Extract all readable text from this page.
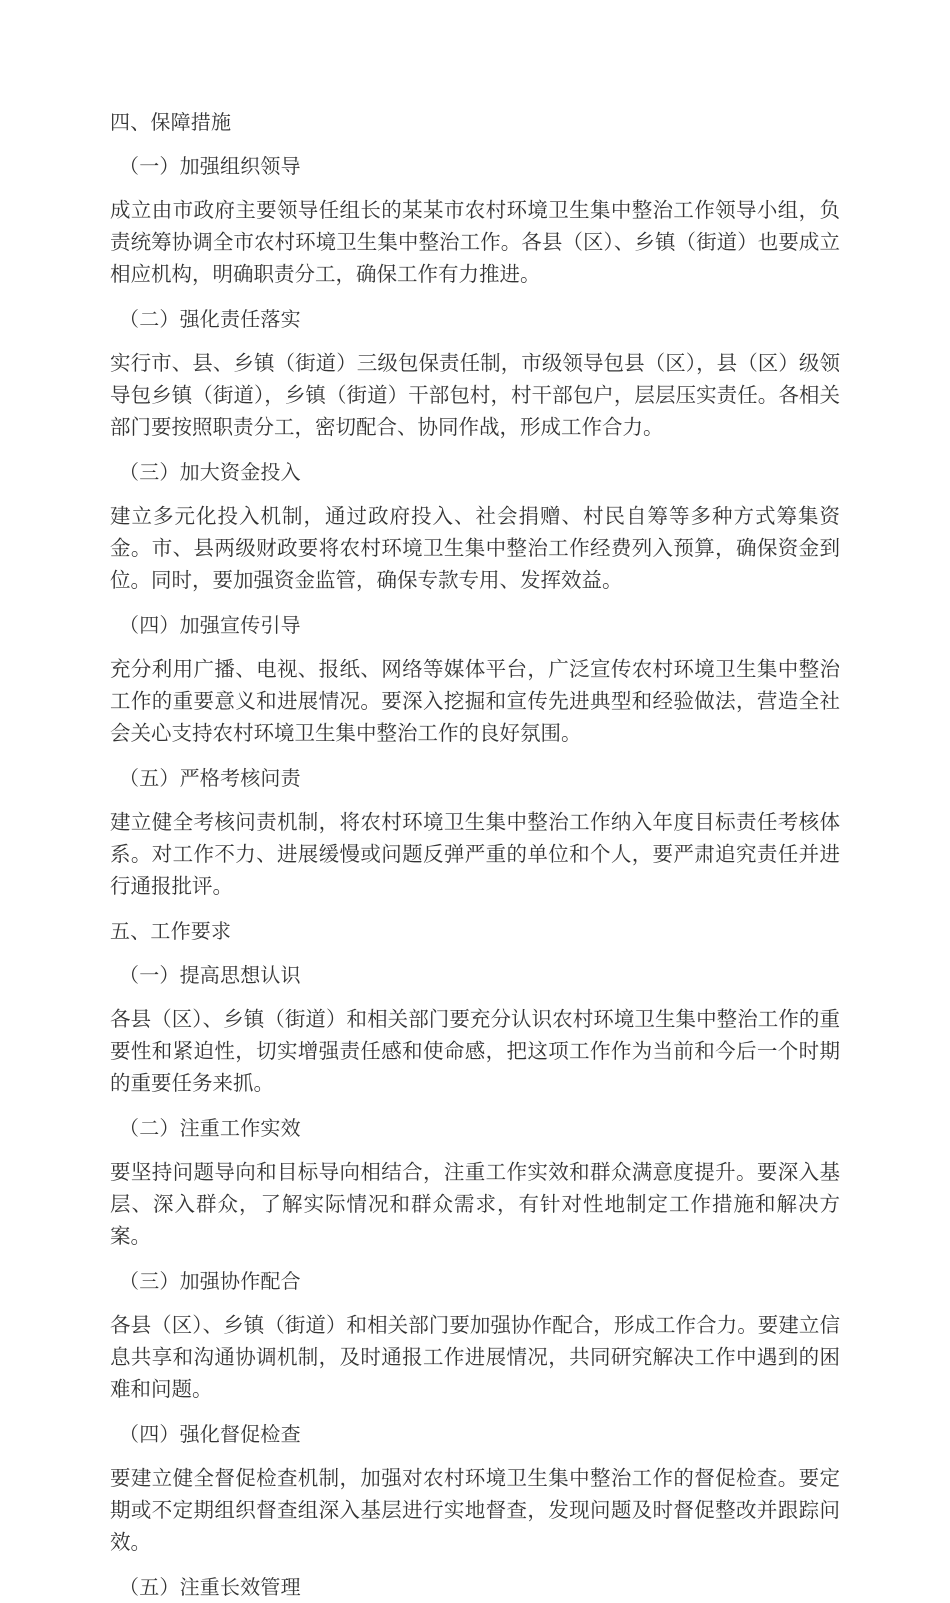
四、保障措施
（一）加强组织领导
成立由市政府主要领导任组长的某某市农村环境卫生集中整治工作领导小组，负责统筹协调全市农村环境卫生集中整治工作。各县（区）、乡镇（街道）也要成立相应机构，明确职责分工，确保工作有力推进。
（二）强化责任落实
实行市、县、乡镇（街道）三级包保责任制，市级领导包县（区），县（区）级领导包乡镇（街道），乡镇（街道）干部包村，村干部包户，层层压实责任。各相关部门要按照职责分工，密切配合、协同作战，形成工作合力。
（三）加大资金投入
建立多元化投入机制，通过政府投入、社会捐赠、村民自筹等多种方式筹集资金。市、县两级财政要将农村环境卫生集中整治工作经费列入预算，确保资金到位。同时，要加强资金监管，确保专款专用、发挥效益。
（四）加强宣传引导
充分利用广播、电视、报纸、网络等媒体平台，广泛宣传农村环境卫生集中整治工作的重要意义和进展情况。要深入挖掘和宣传先进典型和经验做法，营造全社会关心支持农村环境卫生集中整治工作的良好氛围。
（五）严格考核问责
建立健全考核问责机制，将农村环境卫生集中整治工作纳入年度目标责任考核体系。对工作不力、进展缓慢或问题反弹严重的单位和个人，要严肃追究责任并进行通报批评。
五、工作要求
（一）提高思想认识
各县（区）、乡镇（街道）和相关部门要充分认识农村环境卫生集中整治工作的重要性和紧迫性，切实增强责任感和使命感，把这项工作作为当前和今后一个时期的重要任务来抓。
（二）注重工作实效
要坚持问题导向和目标导向相结合，注重工作实效和群众满意度提升。要深入基层、深入群众，了解实际情况和群众需求，有针对性地制定工作措施和解决方案。
（三）加强协作配合
各县（区）、乡镇（街道）和相关部门要加强协作配合，形成工作合力。要建立信息共享和沟通协调机制，及时通报工作进展情况，共同研究解决工作中遇到的困难和问题。
（四）强化督促检查
要建立健全督促检查机制，加强对农村环境卫生集中整治工作的督促检查。要定期或不定期组织督查组深入基层进行实地督查，发现问题及时督促整改并跟踪问效。
（五）注重长效管理
